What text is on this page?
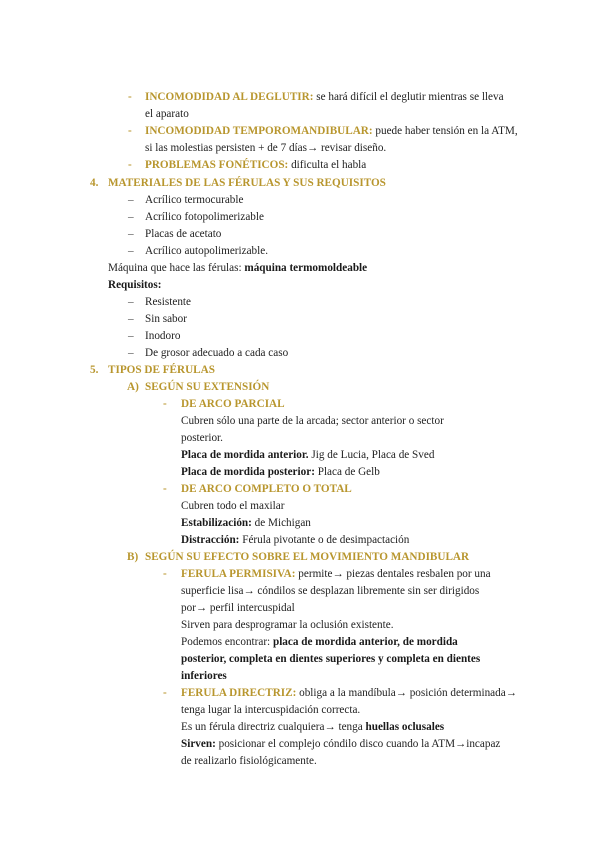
- INCOMODIDAD AL DEGLUTIR: se hará difícil el deglutir mientras se lleva
el aparato
- INCOMODIDAD TEMPOROMANDIBULAR: puede haber tensión en la ATM,
si las molestias persisten + de 7 días→ revisar diseño.
- PROBLEMAS FONÉTICOS: dificulta el habla
4. MATERIALES DE LAS FÉRULAS Y SUS REQUISITOS
– Acrílico termocurable
– Acrílico fotopolimerizable
– Placas de acetato
– Acrílico autopolimerizable.
Máquina que hace las férulas: máquina termomoldeable
Requisitos:
– Resistente
– Sin sabor
– Inodoro
– De grosor adecuado a cada caso
5. TIPOS DE FÉRULAS
A) SEGÚN SU EXTENSIÓN
- DE ARCO PARCIAL
Cubren sólo una parte de la arcada; sector anterior o sector
posterior.
Placa de mordida anterior. Jig de Lucia, Placa de Sved
Placa de mordida posterior: Placa de Gelb
- DE ARCO COMPLETO O TOTAL
Cubren todo el maxilar
Estabilización: de Michigan
Distracción: Férula pivotante o de desimpactación
B) SEGÚN SU EFECTO SOBRE EL MOVIMIENTO MANDIBULAR
- FERULA PERMISIVA: permite→ piezas dentales resbalen por una
superficie lisa→ cóndilos se desplazan libremente sin ser dirigidos
por→ perfil intercuspidal
Sirven para desprogramar la oclusión existente.
Podemos encontrar: placa de mordida anterior, de mordida
posterior, completa en dientes superiores y completa en dientes
inferiores
- FERULA DIRECTRIZ: obliga a la mandíbula→ posición determinada→
tenga lugar la intercuspidación correcta.
Es un férula directriz cualquiera→ tenga huellas oclusales
Sirven: posicionar el complejo cóndilo disco cuando la ATM→incapaz
de realizarlo fisiológicamente.
